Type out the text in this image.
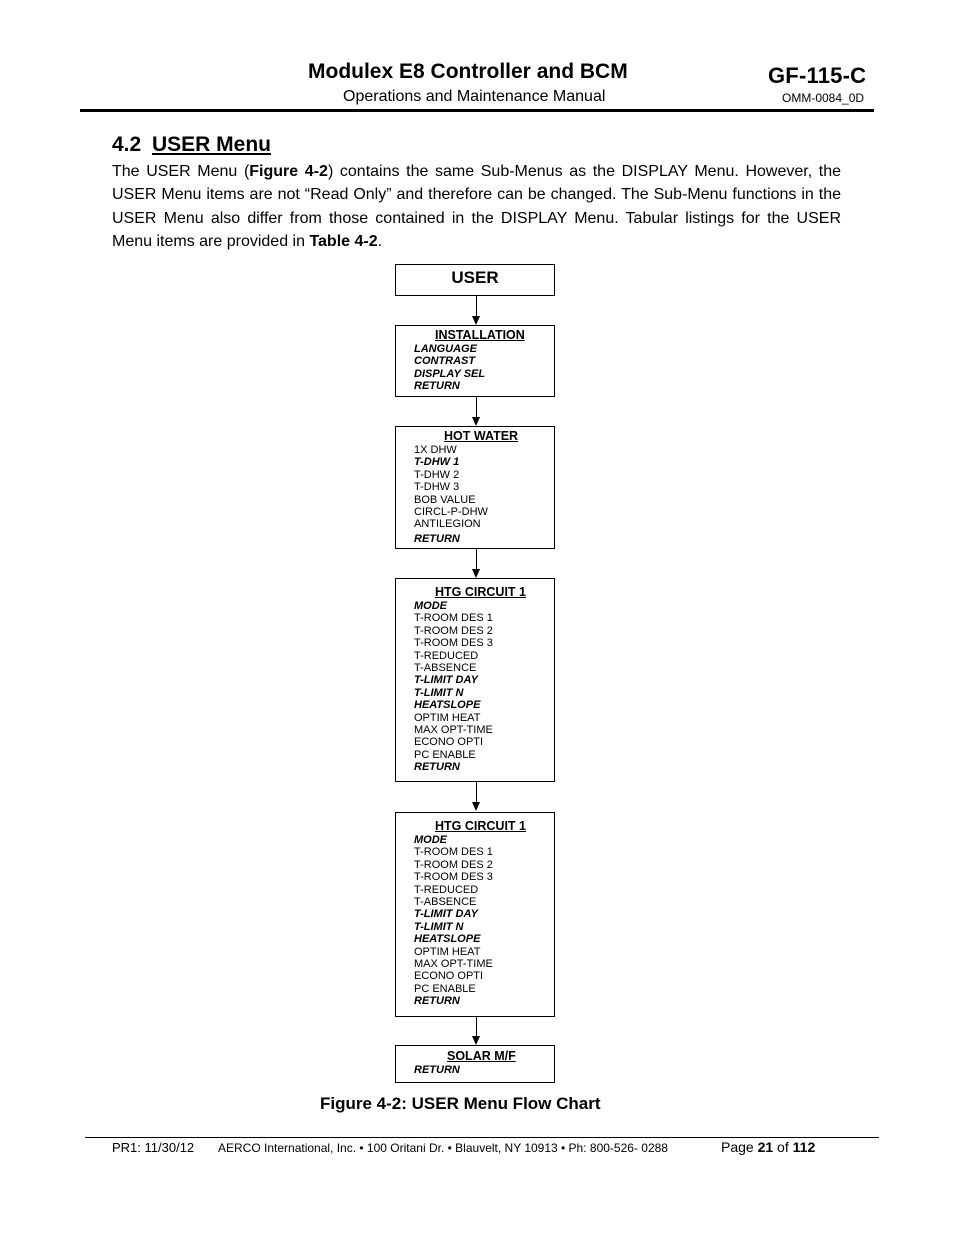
Modulex E8 Controller and BCM
Operations and Maintenance Manual
GF-115-C
OMM-0084_0D
4.2 USER Menu
The USER Menu (Figure 4-2) contains the same Sub-Menus as the DISPLAY Menu. However, the USER Menu items are not “Read Only” and therefore can be changed. The Sub-Menu functions in the USER Menu also differ from those contained in the DISPLAY Menu. Tabular listings for the USER Menu items are provided in Table 4-2.
USER
INSTALLATION
LANGUAGE
CONTRAST
DISPLAY SEL
RETURN
HOT WATER
1X DHW
T-DHW 1
T-DHW 2
T-DHW 3
BOB VALUE
CIRCL-P-DHW
ANTILEGION
RETURN
HTG CIRCUIT 1
MODE
T-ROOM DES 1
T-ROOM DES 2
T-ROOM DES 3
T-REDUCED
T-ABSENCE
T-LIMIT DAY
T-LIMIT N
HEATSLOPE
OPTIM HEAT
MAX OPT-TIME
ECONO OPTI
PC ENABLE
RETURN
HTG CIRCUIT 1
MODE
T-ROOM DES 1
T-ROOM DES 2
T-ROOM DES 3
T-REDUCED
T-ABSENCE
T-LIMIT DAY
T-LIMIT N
HEATSLOPE
OPTIM HEAT
MAX OPT-TIME
ECONO OPTI
PC ENABLE
RETURN
SOLAR M/F
RETURN
Figure 4-2: USER Menu Flow Chart
PR1: 11/30/12 AERCO International, Inc. • 100 Oritani Dr. • Blauvelt, NY 10913 • Ph: 800-526- 0288	Page 21 of 112
